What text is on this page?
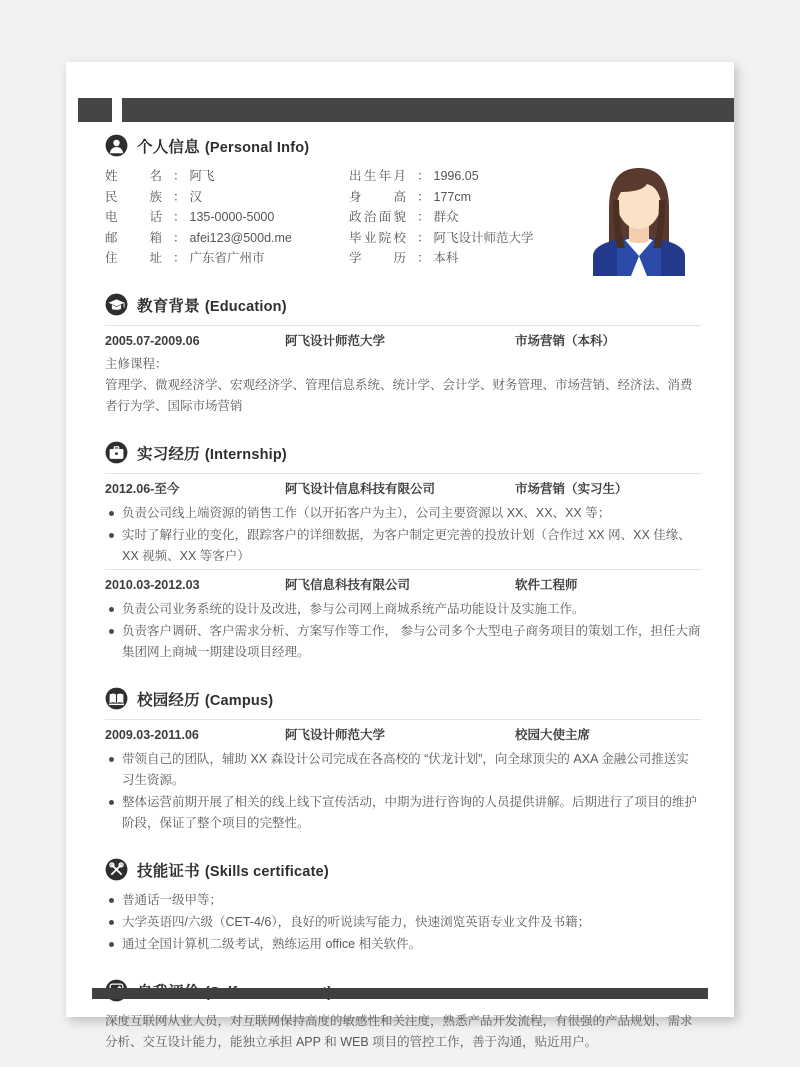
个人信息 (Personal Info)
姓名 ： 阿飞
民族 ： 汉
电话 ： 135-0000-5000
邮箱 ： afei123@500d.me
住址 ： 广东省广州市
出生年月 ： 1996.05
身高 ： 177cm
政治面貌 ： 群众
毕业院校 ： 阿飞设计师范大学
学历 ： 本科
教育背景 (Education)
2005.07-2009.06	阿飞设计师范大学	市场营销（本科）
主修课程：
管理学、微观经济学、宏观经济学、管理信息系统、统计学、会计学、财务管理、市场营销、经济法、消费者行为学、国际市场营销
实习经历 (Internship)
2012.06-至今	阿飞设计信息科技有限公司	市场营销（实习生）
负责公司线上端资源的销售工作（以开拓客户为主），公司主要资源以 XX、XX、XX 等；
实时了解行业的变化，跟踪客户的详细数据，为客户制定更完善的投放计划（合作过 XX 网、XX 佳缘、XX 视频、XX 等客户）
2010.03-2012.03	阿飞信息科技有限公司	软件工程师
负责公司业务系统的设计及改进，参与公司网上商城系统产品功能设计及实施工作。
负责客户调研、客户需求分析、方案写作等工作， 参与公司多个大型电子商务项目的策划工作，担任大商集团网上商城一期建设项目经理。
校园经历 (Campus)
2009.03-2011.06	阿飞设计师范大学	校园大使主席
带领自己的团队，辅助 XX 森设计公司完成在各高校的 “伏龙计划”，向全球顶尖的 AXA 金融公司推送实习生资源。
整体运营前期开展了相关的线上线下宣传活动，中期为进行咨询的人员提供讲解。后期进行了项目的维护阶段，保证了整个项目的完整性。
技能证书 (Skills certificate)
普通话一级甲等；
大学英语四/六级（CET-4/6），良好的听说读写能力，快速浏览英语专业文件及书籍；
通过全国计算机二级考试，熟练运用 office 相关软件。
深度互联网从业人员，对互联网保持高度的敏感性和关注度，熟悉产品开发流程，有很强的产品规划、需求分析、交互设计能力，能独立承担 APP 和 WEB 项目的管控工作，善于沟通，贴近用户。
